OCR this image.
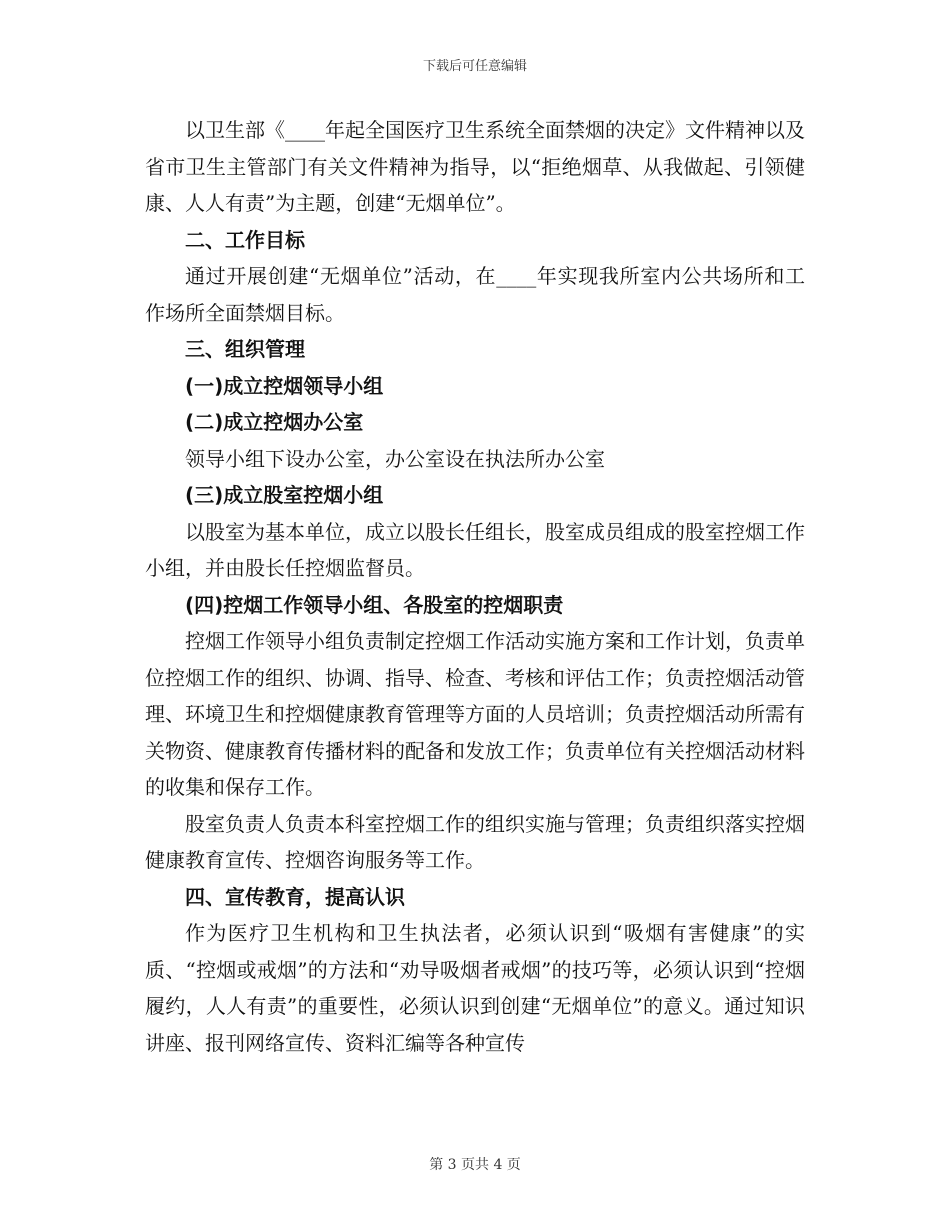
下载后可任意编辑

以卫生部《____年起全国医疗卫生系统全面禁烟的决定》文件精神以及省市卫生主管部门有关文件精神为指导，以“拒绝烟草、从我做起、引领健康、人人有责”为主题，创建“无烟单位”。

二、工作目标

通过开展创建“无烟单位”活动，在____年实现我所室内公共场所和工作场所全面禁烟目标。

三、组织管理

(一)成立控烟领导小组

(二)成立控烟办公室

领导小组下设办公室，办公室设在执法所办公室

(三)成立股室控烟小组

以股室为基本单位，成立以股长任组长，股室成员组成的股室控烟工作小组，并由股长任控烟监督员。

(四)控烟工作领导小组、各股室的控烟职责

控烟工作领导小组负责制定控烟工作活动实施方案和工作计划，负责单位控烟工作的组织、协调、指导、检查、考核和评估工作；负责控烟活动管理、环境卫生和控烟健康教育管理等方面的人员培训；负责控烟活动所需有关物资、健康教育传播材料的配备和发放工作；负责单位有关控烟活动材料的收集和保存工作。

股室负责人负责本科室控烟工作的组织实施与管理；负责组织落实控烟健康教育宣传、控烟咨询服务等工作。

四、宣传教育，提高认识

作为医疗卫生机构和卫生执法者，必须认识到“吸烟有害健康”的实质、“控烟或戒烟”的方法和“劝导吸烟者戒烟”的技巧等，必须认识到“控烟履约，人人有责”的重要性，必须认识到创建“无烟单位”的意义。通过知识讲座、报刊网络宣传、资料汇编等各种宣传

第 3 页共 4 页
